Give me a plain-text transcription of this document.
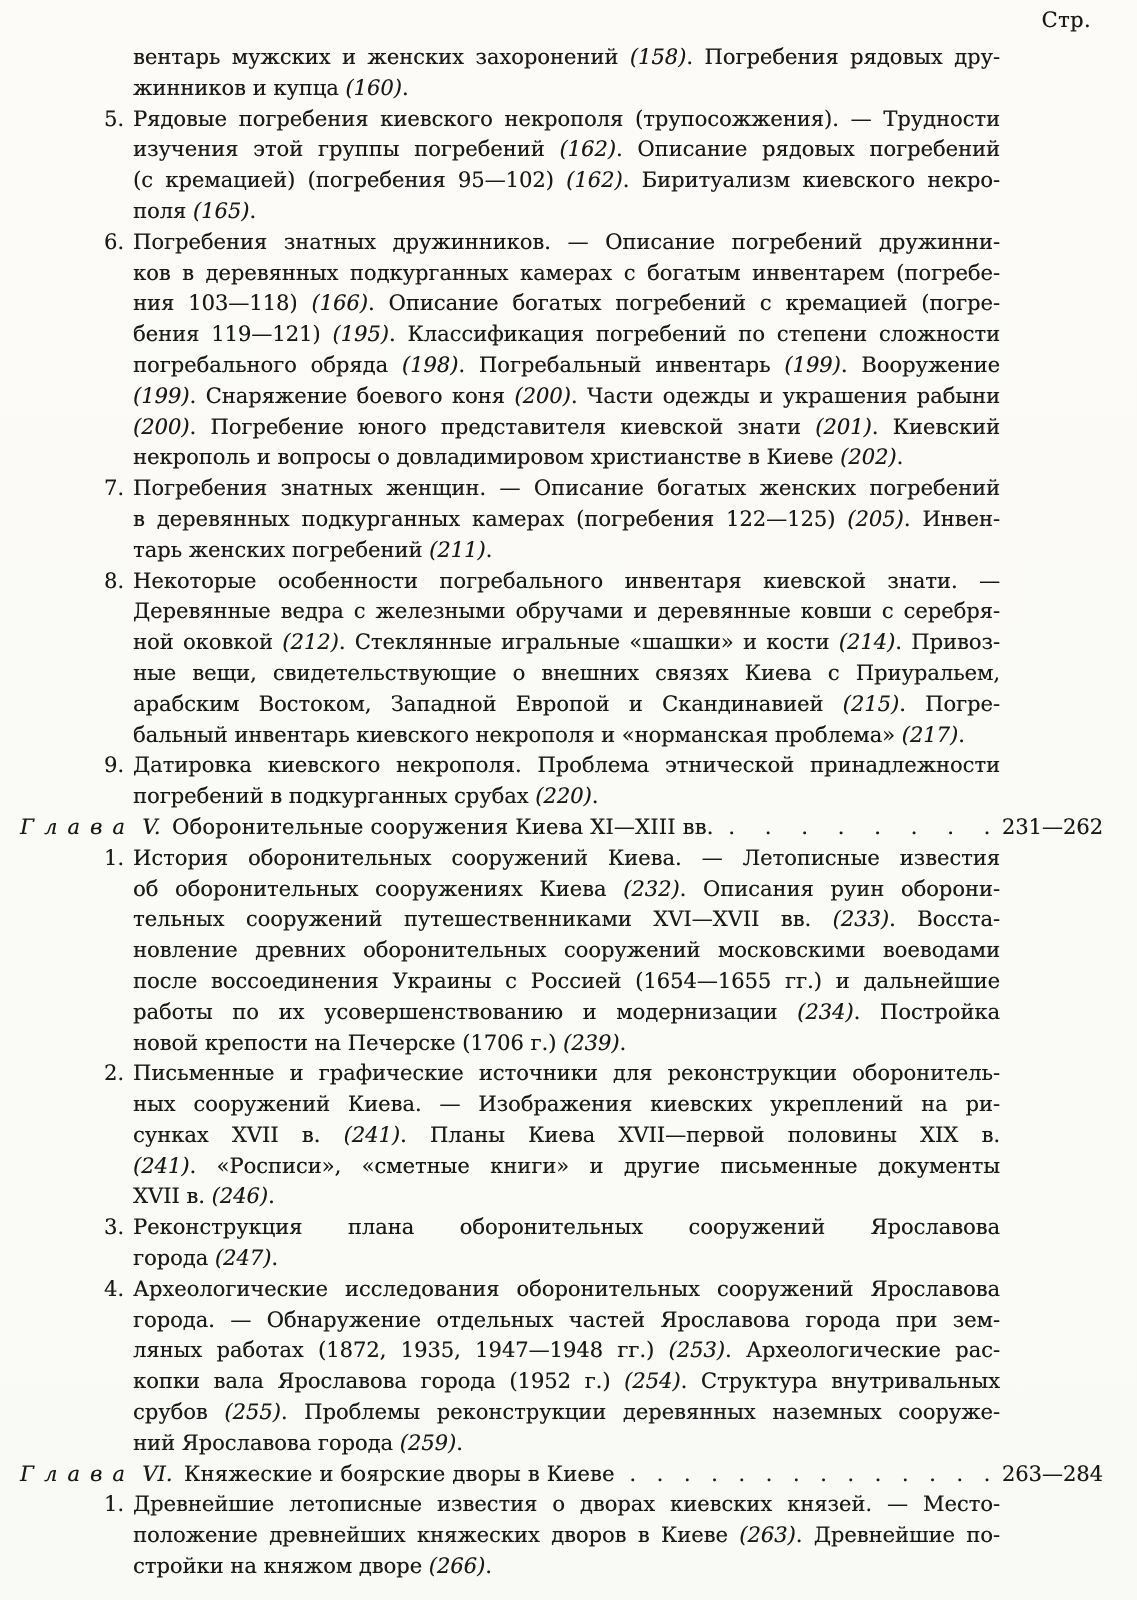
Стр.
вентарь мужских и женских захоронений (158). Погребения рядовых дру-
жинников и купца (160).
5. Рядовые погребения киевского некрополя (трупосожжения). — Трудности
изучения этой группы погребений (162). Описание рядовых погребений
(с кремацией) (погребения 95—102) (162). Биритуализм киевского некро-
поля (165).
6. Погребения знатных дружинников. — Описание погребений дружинни-
ков в деревянных подкурганных камерах с богатым инвентарем (погребе-
ния 103—118) (166). Описание богатых погребений с кремацией (погре-
бения 119—121) (195). Классификация погребений по степени сложности
погребального обряда (198). Погребальный инвентарь (199). Вооружение
(199). Снаряжение боевого коня (200). Части одежды и украшения рабыни
(200). Погребение юного представителя киевской знати (201). Киевский
некрополь и вопросы о довладимировом христианстве в Киеве (202).
7. Погребения знатных женщин. — Описание богатых женских погребений
в деревянных подкурганных камерах (погребения 122—125) (205). Инвен-
тарь женских погребений (211).
8. Некоторые особенности погребального инвентаря киевской знати. —
Деревянные ведра с железными обручами и деревянные ковши с серебря-
ной оковкой (212). Стеклянные игральные «шашки» и кости (214). Привоз-
ные вещи, свидетельствующие о внешних связях Киева с Приуральем,
арабским Востоком, Западной Европой и Скандинавией (215). Погре-
бальный инвентарь киевского некрополя и «норманская проблема» (217).
9. Датировка киевского некрополя. Проблема этнической принадлежности
погребений в подкурганных срубах (220).
Глава V. Оборонительные сооружения Киева XI—XIII вв. . . . . . . . . 231—262
1. История оборонительных сооружений Киева. — Летописные известия
об оборонительных сооружениях Киева (232). Описания руин оборони-
тельных сооружений путешественниками XVI—XVII вв. (233). Восста-
новление древних оборонительных сооружений московскими воеводами
после воссоединения Украины с Россией (1654—1655 гг.) и дальнейшие
работы по их усовершенствованию и модернизации (234). Постройка
новой крепости на Печерске (1706 г.) (239).
2. Письменные и графические источники для реконструкции оборонитель-
ных сооружений Киева. — Изображения киевских укреплений на ри-
сунках XVII в. (241). Планы Киева XVII—первой половины XIX в.
(241). «Росписи», «сметные книги» и другие письменные документы
XVII в. (246).
3. Реконструкция плана оборонительных сооружений Ярославова
города (247).
4. Археологические исследования оборонительных сооружений Ярославова
города. — Обнаружение отдельных частей Ярославова города при зем-
ляных работах (1872, 1935, 1947—1948 гг.) (253). Археологические рас-
копки вала Ярославова города (1952 г.) (254). Структура внутривальных
срубов (255). Проблемы реконструкции деревянных наземных сооруже-
ний Ярославова города (259).
Глава VI. Княжеские и боярские дворы в Киеве . . . . . . . . . . . . . . 263—284
1. Древнейшие летописные известия о дворах киевских князей. — Место-
положение древнейших княжеских дворов в Киеве (263). Древнейшие по-
стройки на княжом дворе (266).
